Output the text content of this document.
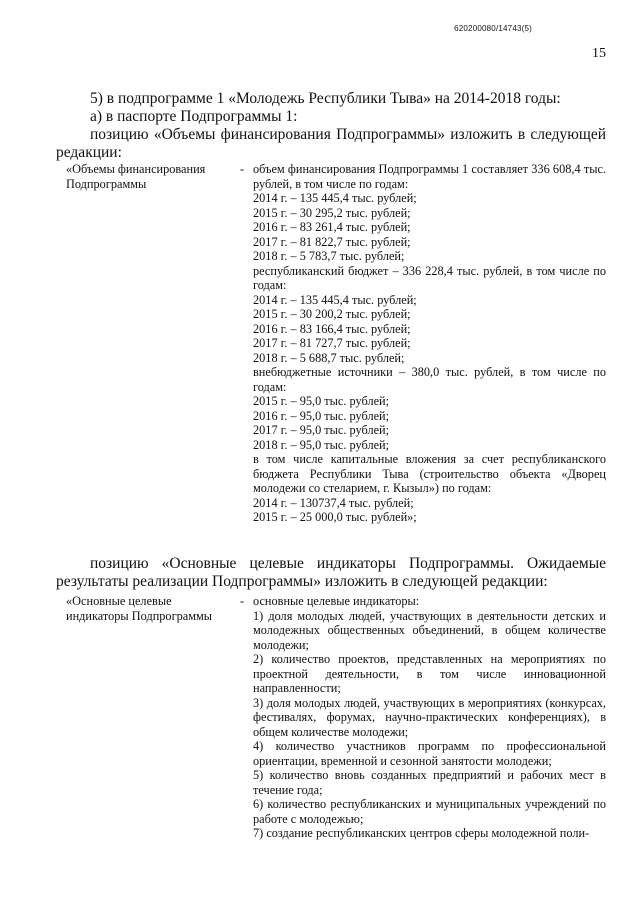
620200080/14743(5)
15
5) в подпрограмме 1 «Молодежь Республики Тыва» на 2014-2018 годы:
а) в паспорте Подпрограммы 1:
позицию «Объемы финансирования Подпрограммы» изложить в следующей редакции:
«Объемы финансирования Подпрограммы
- объем финансирования Подпрограммы 1 составляет 336 608,4 тыс. рублей, в том числе по годам:
2014 г. – 135 445,4 тыс. рублей;
2015 г. – 30 295,2 тыс. рублей;
2016 г. – 83 261,4 тыс. рублей;
2017 г. – 81 822,7 тыс. рублей;
2018 г. – 5 783,7 тыс. рублей;
республиканский бюджет – 336 228,4 тыс. рублей, в том числе по годам:
2014 г. – 135 445,4 тыс. рублей;
2015 г. – 30 200,2 тыс. рублей;
2016 г. – 83 166,4 тыс. рублей;
2017 г. – 81 727,7 тыс. рублей;
2018 г. – 5 688,7 тыс. рублей;
внебюджетные источники – 380,0 тыс. рублей, в том числе по годам:
2015 г. – 95,0 тыс. рублей;
2016 г. – 95,0 тыс. рублей;
2017 г. – 95,0 тыс. рублей;
2018 г. – 95,0 тыс. рублей;
в том числе капитальные вложения за счет республиканского бюджета Республики Тыва (строительство объекта «Дворец молодежи со стеларием, г. Кызыл») по годам:
2014 г. – 130737,4 тыс. рублей;
2015 г. – 25 000,0 тыс. рублей»;
позицию «Основные целевые индикаторы Подпрограммы. Ожидаемые результаты реализации Подпрограммы» изложить в следующей редакции:
«Основные целевые индикаторы Подпрограммы
- основные целевые индикаторы:
1) доля молодых людей, участвующих в деятельности детских и молодежных общественных объединений, в общем количестве молодежи;
2) количество проектов, представленных на мероприятиях по проектной деятельности, в том числе инновационной направленности;
3) доля молодых людей, участвующих в мероприятиях (конкурсах, фестивалях, форумах, научно-практических конференциях), в общем количестве молодежи;
4) количество участников программ по профессиональной ориентации, временной и сезонной занятости молодежи;
5) количество вновь созданных предприятий и рабочих мест в течение года;
6) количество республиканских и муниципальных учреждений по работе с молодежью;
7) создание республиканских центров сферы молодежной поли-
